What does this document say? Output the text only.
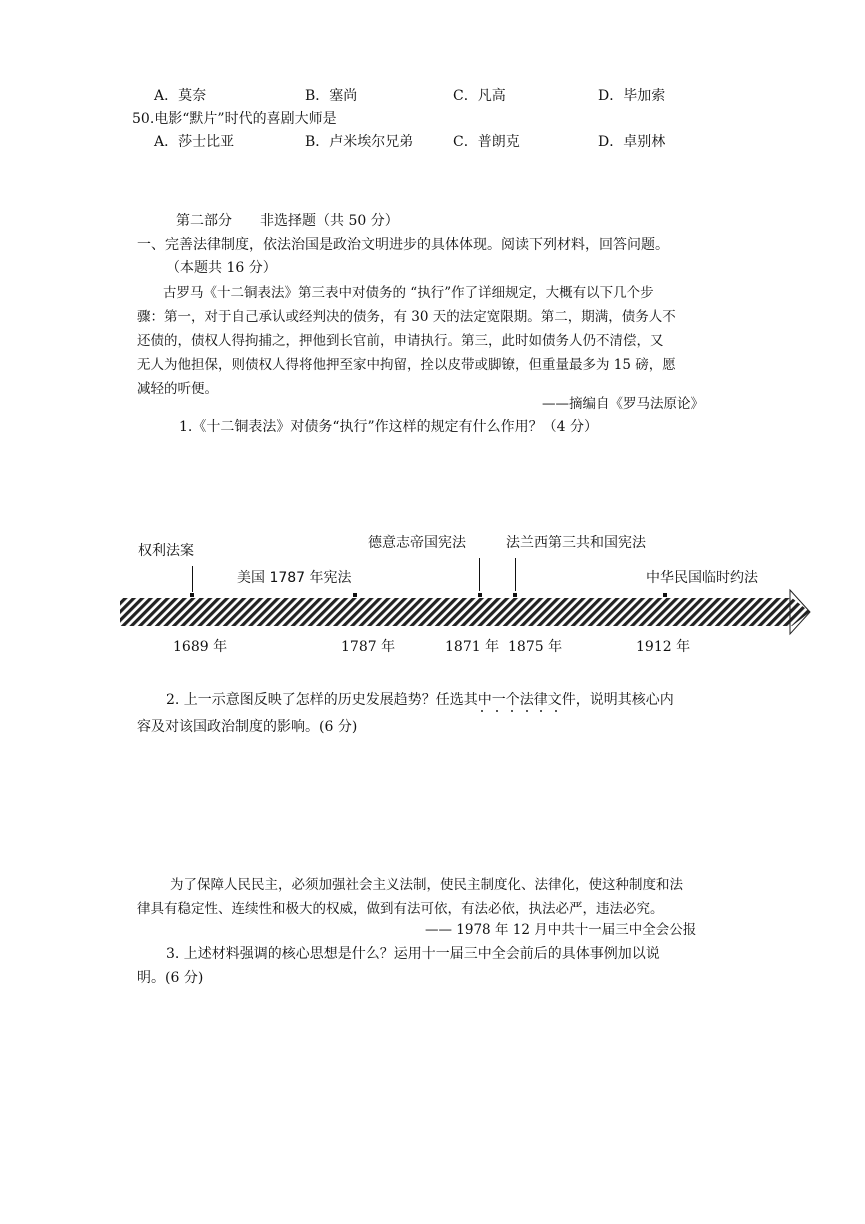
A．莫奈	B．塞尚	C．凡高	D．毕加索
50.电影“默片”时代的喜剧大师是
A．莎士比亚	B．卢米埃尔兄弟	C．普朗克	D．卓别林
第二部分　　非选择题（共 50 分）
一、完善法律制度，依法治国是政治文明进步的具体体现。阅读下列材料，回答问题。
（本题共 16 分）
古罗马《十二铜表法》第三表中对债务的 “执行”作了详细规定，大概有以下几个步
骤：第一，对于自己承认或经判决的债务，有 30 天的法定宽限期。第二，期满，债务人不
还债的，债权人得拘捕之，押他到长官前，申请执行。第三，此时如债务人仍不清偿，又
无人为他担保，则债权人得将他押至家中拘留，拴以皮带或脚镣，但重量最多为 15 磅，愿
减轻的听便。
——摘编自《罗马法原论》
1.《十二铜表法》对债务“执行”作这样的规定有什么作用？（4 分）
权利法案
美国 1787 年宪法
德意志帝国宪法	法兰西第三共和国宪法
中华民国临时约法
1689 年	1787 年	1871 年 1875 年	1912 年
2. 上一示意图反映了怎样的历史发展趋势？任选其中一个法律文件，说明其核心内
容及对该国政治制度的影响。(6 分)
为了保障人民民主，必须加强社会主义法制，使民主制度化、法律化，使这种制度和法
律具有稳定性、连续性和极大的权威，做到有法可依，有法必依，执法必严，违法必究。
—— 1978 年 12 月中共十一届三中全会公报
3. 上述材料强调的核心思想是什么？运用十一届三中全会前后的具体事例加以说
明。(6 分)
